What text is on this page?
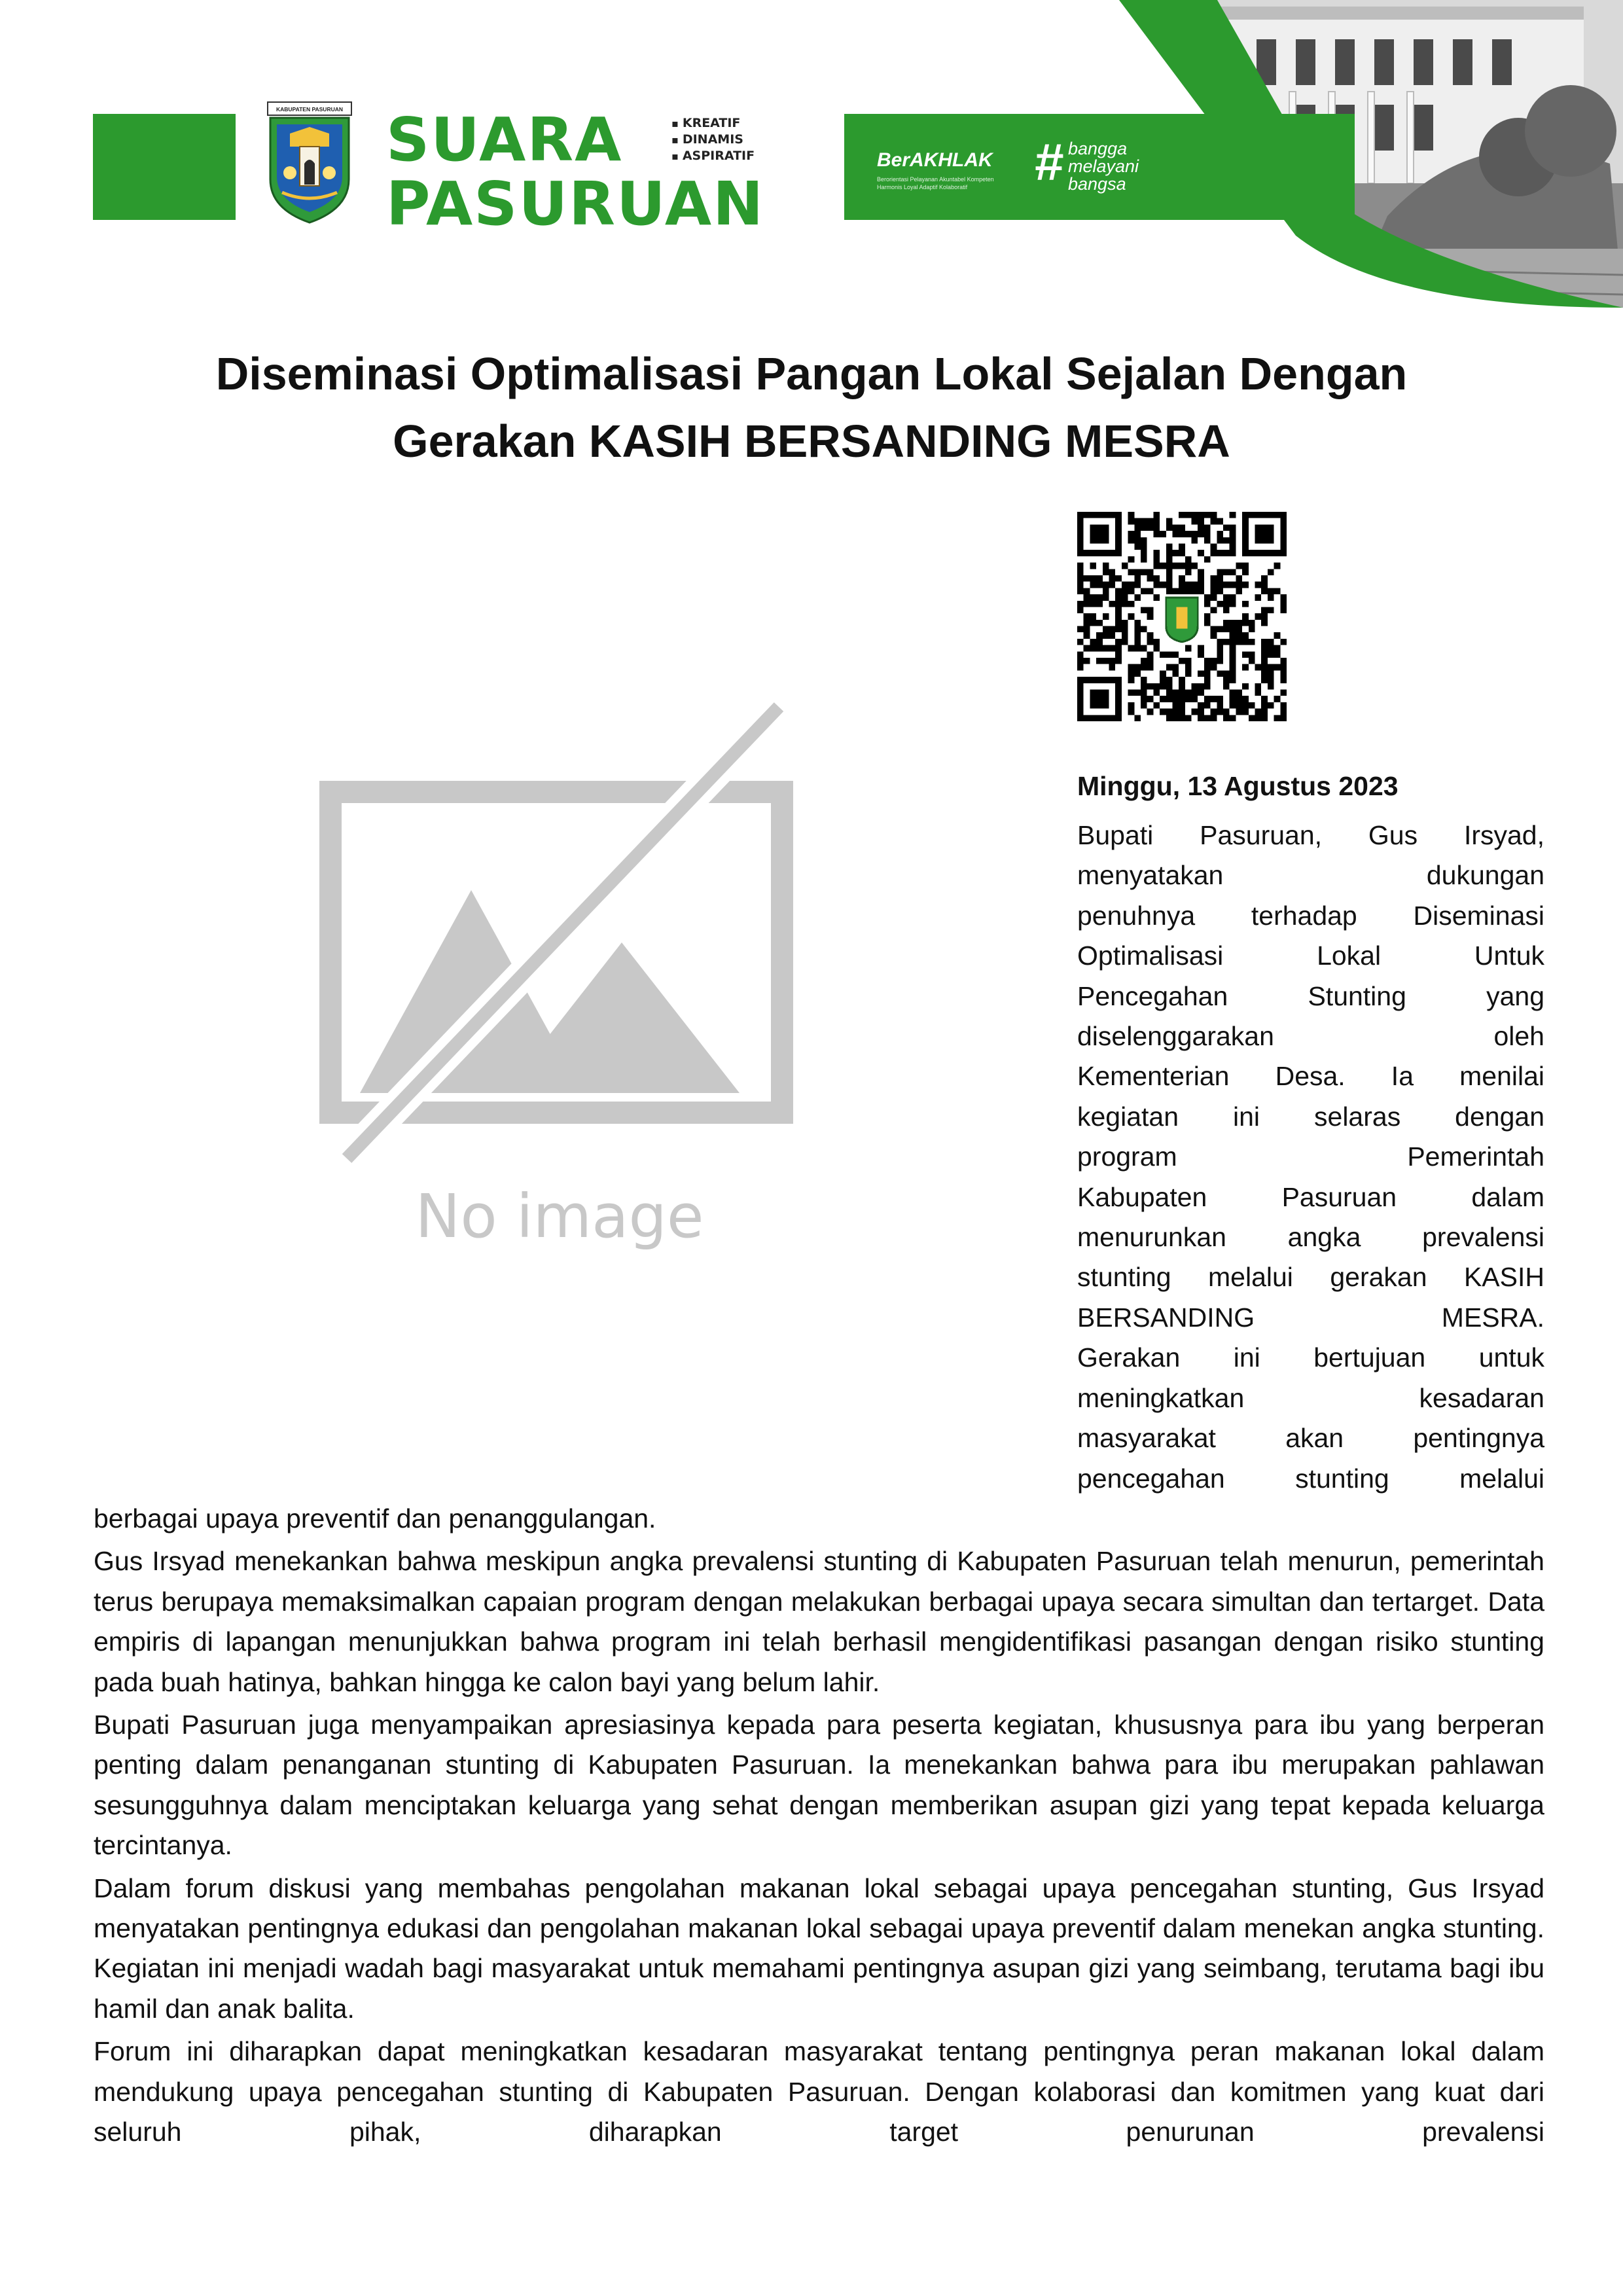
KABUPATEN PASURUAN SUARA
PASURUAN
▪ KREATIF
▪ DINAMIS
▪ ASPIRATIF	BerAKHLAK
Berorientasi Pelayanan Akuntabel Kompeten Harmonis Loyal Adaptif Kolaboratif	# bangga
melayani
bangsa
Diseminasi Optimalisasi Pangan Lokal Sejalan Dengan
Gerakan KASIH BERSANDING MESRA
No image
Minggu, 13 Agustus 2023
Bupati Pasuruan, Gus Irsyad,
menyatakan dukungan
penuhnya terhadap Diseminasi
Optimalisasi Lokal Untuk
Pencegahan Stunting yang
diselenggarakan oleh
Kementerian Desa. Ia menilai
kegiatan ini selaras dengan
program Pemerintah
Kabupaten Pasuruan dalam
menurunkan angka prevalensi
stunting melalui gerakan KASIH
BERSANDING MESRA.
Gerakan ini bertujuan untuk
meningkatkan kesadaran
masyarakat akan pentingnya
pencegahan stunting melalui

berbagai upaya preventif dan penanggulangan.

Gus Irsyad menekankan bahwa meskipun angka prevalensi stunting di Kabupaten Pasuruan telah menurun, pemerintah terus berupaya memaksimalkan capaian program dengan melakukan berbagai upaya secara simultan dan tertarget. Data empiris di lapangan menunjukkan bahwa program ini telah berhasil mengidentifikasi pasangan dengan risiko stunting pada buah hatinya, bahkan hingga ke calon bayi yang belum lahir.

Bupati Pasuruan juga menyampaikan apresiasinya kepada para peserta kegiatan, khususnya para ibu yang berperan penting dalam penanganan stunting di Kabupaten Pasuruan. Ia menekankan bahwa para ibu merupakan pahlawan sesungguhnya dalam menciptakan keluarga yang sehat dengan memberikan asupan gizi yang tepat kepada keluarga tercintanya.

Dalam forum diskusi yang membahas pengolahan makanan lokal sebagai upaya pencegahan stunting, Gus Irsyad menyatakan pentingnya edukasi dan pengolahan makanan lokal sebagai upaya preventif dalam menekan angka stunting. Kegiatan ini menjadi wadah bagi masyarakat untuk memahami pentingnya asupan gizi yang seimbang, terutama bagi ibu hamil dan anak balita.

Forum ini diharapkan dapat meningkatkan kesadaran masyarakat tentang pentingnya peran makanan lokal dalam mendukung upaya pencegahan stunting di Kabupaten Pasuruan. Dengan kolaborasi dan komitmen yang kuat dari seluruh pihak, diharapkan target penurunan prevalensi
